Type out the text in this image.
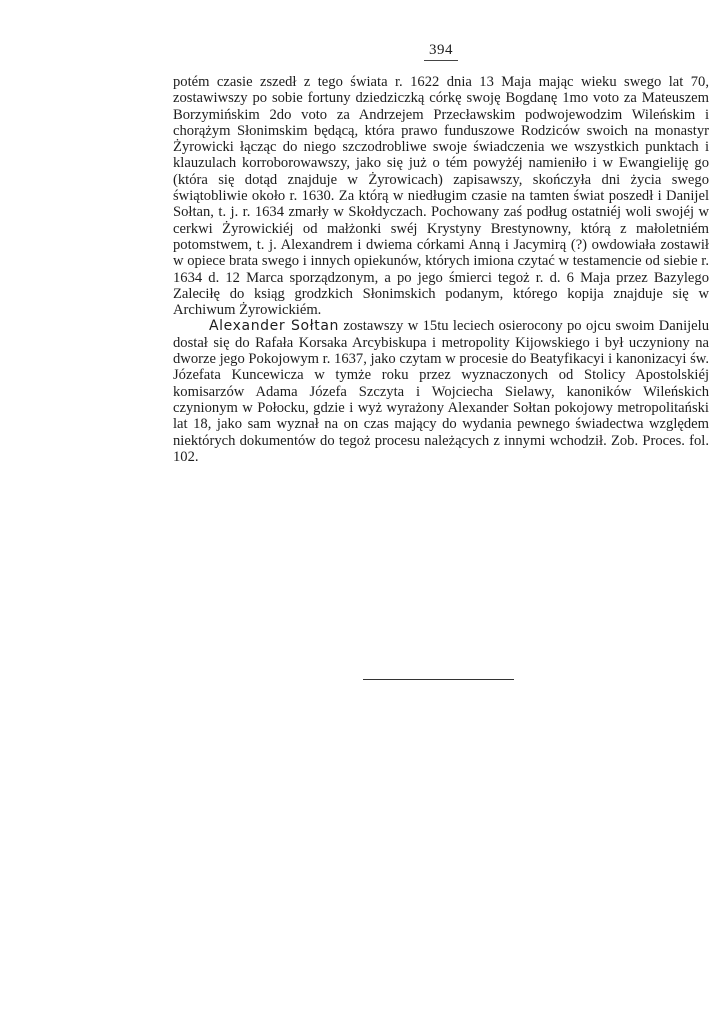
394

potém czasie zszedł z tego świata r. 1622 dnia 13 Maja mając wieku swego lat 70, zostawiwszy po sobie fortuny dziedziczką córkę swoję Bogdanę 1mo voto za Mateuszem Borzymińskim 2do voto za Andrzejem Przecławskim podwojewodzim Wileńskim i chorążym Słonimskim będącą, która prawo funduszowe Rodziców swoich na monastyr Żyrowicki łącząc do niego szczodrobliwe swoje świadczenia we wszystkich punktach i klauzulach korroborowawszy, jako się już o tém powyżéj namieniło i w Ewangieliję go (która się dotąd znajduje w Żyrowicach) zapisawszy, skończyła dni życia swego świątobliwie około r. 1630. Za którą w niedługim czasie na tamten świat poszedł i Danijel Sołtan, t. j. r. 1634 zmarły w Skołdyczach. Pochowany zaś podług ostatniéj woli swojéj w cerkwi Żyrowickiéj od małżonki swéj Krystyny Brestynowny, którą z małoletniém potomstwem, t. j. Alexandrem i dwiema córkami Anną i Jacymirą (?) owdowiała zostawił w opiece brata swego i innych opiekunów, których imiona czytać w testamencie od siebie r. 1634 d. 12 Marca sporządzonym, a po jego śmierci tegoż r. d. 6 Maja przez Bazylego Zaleciłę do ksiąg grodzkich Słonimskich podanym, którego kopija znajduje się w Archiwum Żyrowickiém.

Alexander Sołtan zostawszy w 15tu leciech osierocony po ojcu swoim Danijelu dostał się do Rafała Korsaka Arcybiskupa i metropolity Kijowskiego i był uczyniony na dworze jego Pokojowym r. 1637, jako czytam w procesie do Beatyfikacyi i kanonizacyi św. Józefata Kuncewicza w tymże roku przez wyznaczonych od Stolicy Apostolskiéj komisarzów Adama Józefa Szczyta i Wojciecha Sielawy, kanoników Wileńskich czynionym w Połocku, gdzie i wyż wyrażony Alexander Sołtan pokojowy metropolitański lat 18, jako sam wyznał na on czas mający do wydania pewnego świadectwa względem niektórych dokumentów do tegoż procesu należących z innymi wchodził. Zob. Proces. fol. 102.
